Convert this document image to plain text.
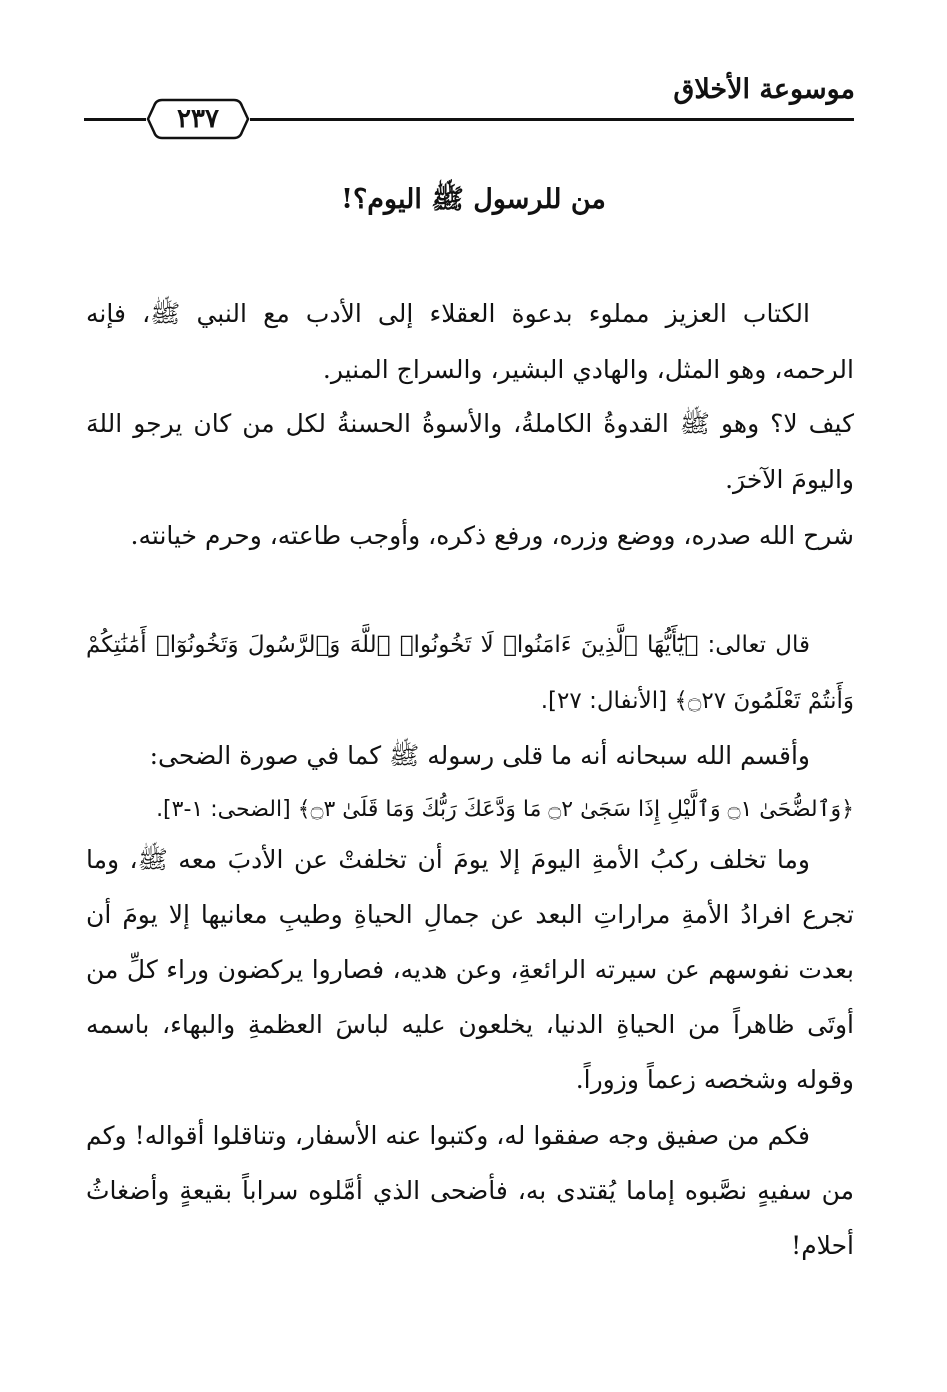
موسوعة الأخلاق
٢٣٧
من للرسول ﷺ اليوم؟!

الكتاب العزيز مملوء بدعوة العقلاء إلى الأدب مع النبي ﷺ، فإنه الرحمه، وهو المثل، والهادي البشير، والسراج المنير.

كيف لا؟ وهو ﷺ القدوةُ الكاملةُ، والأسوةُ الحسنةُ لكل من كان يرجو اللهَ واليومَ الآخرَ.

شرح الله صدره، ووضع وزره، ورفع ذكره، وأوجب طاعته، وحرم خيانته.

قال تعالى: ﴿يَٰٓأَيُّهَا ٱلَّذِينَ ءَامَنُوا۟ لَا تَخُونُوا۟ ٱللَّهَ وَٱلرَّسُولَ وَتَخُونُوٓا۟ أَمَٰنَٰتِكُمْ وَأَنتُمْ تَعْلَمُونَ ۝٢٧﴾ [الأنفال: ٢٧].

وأقسم الله سبحانه أنه ما قلى رسوله ﷺ كما في صورة الضحى:

﴿وَٱلضُّحَىٰ ۝١ وَٱلَّيْلِ إِذَا سَجَىٰ ۝٢ مَا وَدَّعَكَ رَبُّكَ وَمَا قَلَىٰ ۝٣﴾ [الضحى: ١-٣].

وما تخلف ركبُ الأمةِ اليومَ إلا يومَ أن تخلفتْ عن الأدبَ معه ﷺ، وما تجرع افرادُ الأمةِ مراراتِ البعد عن جمالِ الحياةِ وطيبِ معانيها إلا يومَ أن بعدت نفوسهم عن سيرته الرائعةِ، وعن هديه، فصاروا يركضون وراء كلِّ من أوتَى ظاهراً من الحياةِ الدنيا، يخلعون عليه لباسَ العظمةِ والبهاء، باسمه وقوله وشخصه زعماً وزوراً.

فكم من صفيق وجه صفقوا له، وكتبوا عنه الأسفار، وتناقلوا أقواله! وكم من سفيهٍ نصَّبوه إماما يُقتدى به، فأضحى الذي أمَّلوه سراباً بقيعةٍ وأضغاثُ أحلام!
